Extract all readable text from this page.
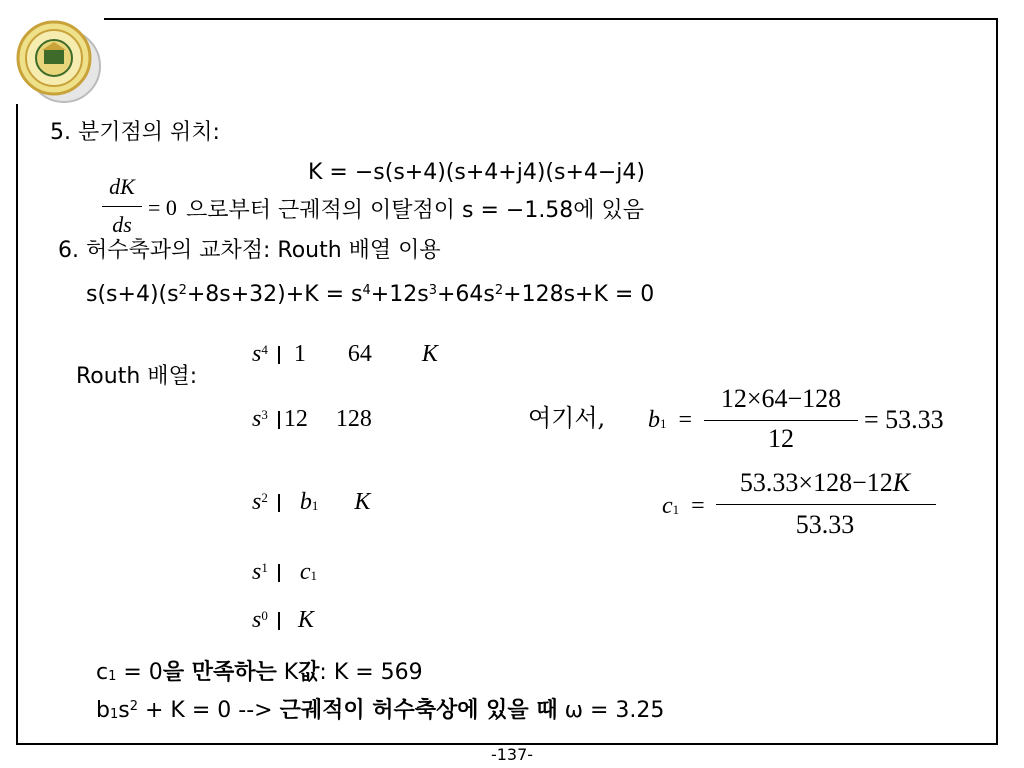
5. 분기점의 위치:
K = −s(s+4)(s+4+j4)(s+4−j4)
dK
ds
= 0 으로부터 근궤적의 이탈점이 s = −1.58에 있음
6. 허수축과의 교차점: Routh 배열 이용
$s(s+4)(s^2+8s+32)+K = s^4+12s^3+64s^2+128s+K = 0$
Routh 배열:
$s^4$ 1 64 K
$s^3$ 12 128
$s^2$ $b_1$ K
$s^1$ $c_1$
$s^0$ K
여기서, $b_1$ =
12×64−128
12
= 53.33
$c_1$ =
53.33×128−12K
53.33
$c_1 = 0$을 만족하는 K값: K = 569
$b_1s^2 + K = 0$ --> 근궤적이 허수축상에 있을 때 ω = 3.25
-137-
